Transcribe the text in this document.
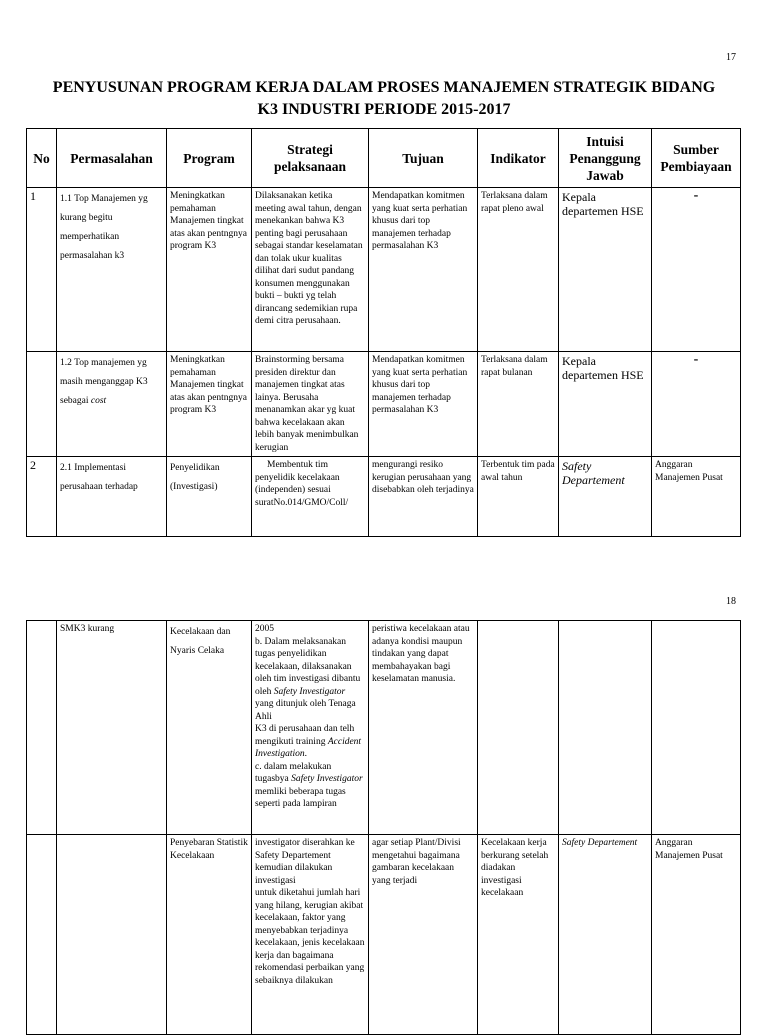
17
PENYUSUNAN PROGRAM KERJA DALAM PROSES MANAJEMEN STRATEGIK BIDANG
K3 INDUSTRI PERIODE 2015-2017
No	Permasalahan	Program	Strategi pelaksanaan	Tujuan	Indikator	Intuisi Penanggung Jawab	Sumber Pembiayaan
1	1.1 Top Manajemen yg kurang begitu memperhatikan permasalahan k3	Meningkatkan pemahaman Manajemen tingkat atas akan pentngnya program K3	Dilaksanakan ketika meeting awal tahun, dengan menekankan bahwa K3 penting bagi perusahaan sebagai standar keselamatan dan tolak ukur kualitas dilihat dari sudut pandang konsumen menggunakan bukti – bukti yg telah dirancang sedemikian rupa demi citra perusahaan.	Mendapatkan komitmen yang kuat serta perhatian khusus dari top manajemen terhadap permasalahan K3	Terlaksana dalam rapat pleno awal	Kepala departemen HSE	-
	1.2 Top manajemen yg masih menganggap K3 sebagai cost	Meningkatkan pemahaman Manajemen tingkat atas akan pentngnya program K3	Brainstorming bersama presiden direktur dan manajemen tingkat atas lainya. Berusaha menanamkan akar yg kuat bahwa kecelakaan akan lebih banyak menimbulkan kerugian	Mendapatkan komitmen yang kuat serta perhatian khusus dari top manajemen terhadap permasalahan K3	Terlaksana dalam rapat bulanan	Kepala departemen HSE	-
2	2.1 Implementasi perusahaan terhadap	Penyelidikan (Investigasi)	Membentuk tim penyelidik kecelakaan (independen) sesuai suratNo.014/GMO/Coll/	mengurangi resiko kerugian perusahaan yang disebabkan oleh terjadinya	Terbentuk tim pada awal tahun	Safety Departement	Anggaran Manajemen Pusat
18
	SMK3 kurang	Kecelakaan dan Nyaris Celaka	2005
b. Dalam melaksanakan tugas penyelidikan kecelakaan, dilaksanakan oleh tim investigasi dibantu oleh Safety Investigator yang ditunjuk oleh Tenaga Ahli
K3 di perusahaan dan telh mengikuti training Accident Investigation.
c. dalam melakukan tugasbya Safety Investigator memliki beberapa tugas seperti pada lampiran	peristiwa kecelakaan atau adanya kondisi maupun tindakan yang dapat membahayakan bagi keselamatan manusia.			
		Penyebaran Statistik Kecelakaan	investigator diserahkan ke Safety Departement kemudian dilakukan investigasi
untuk diketahui jumlah hari yang hilang, kerugian akibat kecelakaan, faktor yang menyebabkan terjadinya kecelakaan, jenis kecelakaan kerja dan bagaimana rekomendasi perbaikan yang sebaiknya dilakukan	agar setiap Plant/Divisi mengetahui bagaimana gambaran kecelakaan yang terjadi	Kecelakaan kerja berkurang setelah diadakan investigasi kecelakaan	Safety Departement	Anggaran Manajemen Pusat
